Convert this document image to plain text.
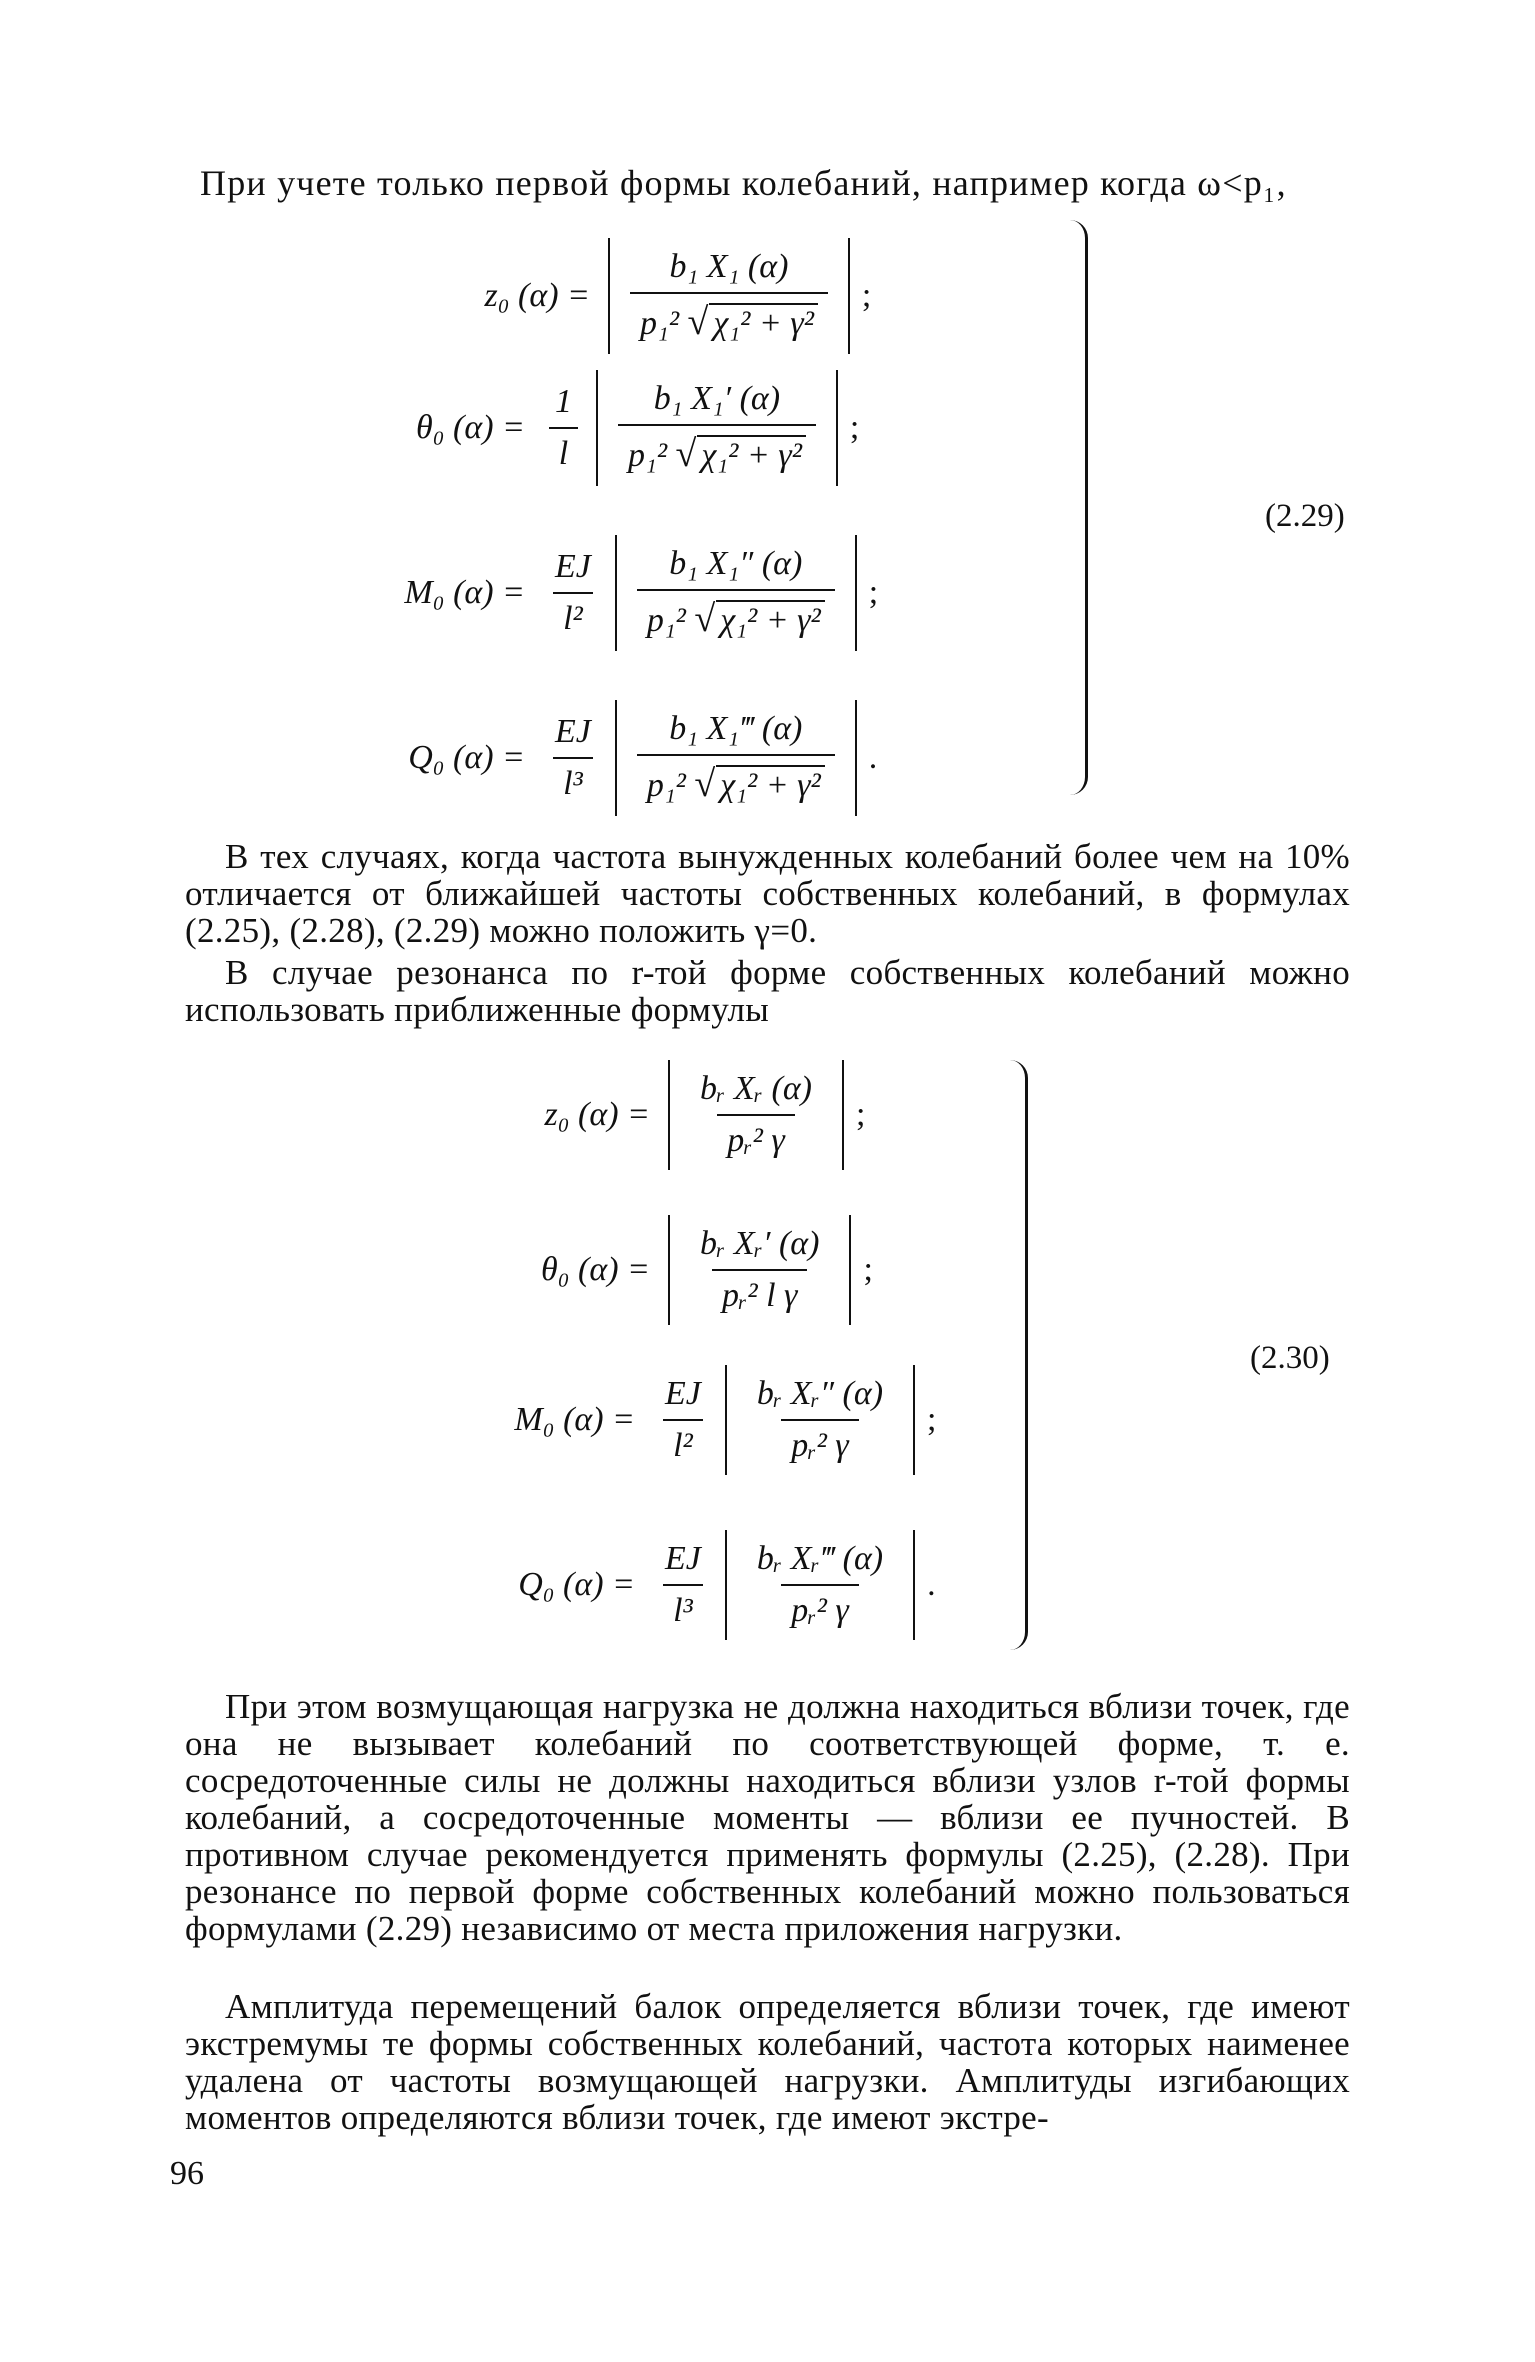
При учете только первой формы колебаний, например когда ω<p₁,

z₀ $(\alpha) = \frac{\text{b₁ X₁ (α)}}{\text{p₁² √ χ₁² + γ²}}$ ;
θ₀ $(\alpha) = \frac{1}{l} \frac{\text{b₁ X₁′ (α)}}{\text{p₁² √ χ₁² + γ²}}$ ;
M₀ $(\alpha) = \frac{EJ}{\text{l²}} \frac{\text{b₁ X₁″ (α)}}{\text{p₁² √ χ₁² + γ²}}$ ;
Q₀ $(\alpha) = \frac{EJ}{\text{l³}} \frac{\text{b₁ X₁‴ (α)}}{\text{p₁² √ χ₁² + γ²}}$ .
(2.29)

В тех случаях, когда частота вынужденных колебаний более чем на 10% отличается от ближайшей частоты собственных колебаний, в формулах (2.25), (2.28), (2.29) можно положить γ=0.

В случае резонанса по r-той форме собственных колебаний можно использовать приближенные формулы

z₀ $(\alpha) = \frac{\text{bᵣ Xᵣ (α)}}{\text{pᵣ² γ}}$ ;
θ₀ $(\alpha) = \frac{\text{bᵣ Xᵣ′ (α)}}{\text{pᵣ² l γ}}$ ;
M₀ $(\alpha) = \frac{EJ}{\text{l²}} \frac{\text{bᵣ Xᵣ″ (α)}}{\text{pᵣ² γ}}$ ;
Q₀ $(\alpha) = \frac{EJ}{\text{l³}} \frac{\text{bᵣ Xᵣ‴ (α)}}{\text{pᵣ² γ}}$ .
(2.30)

При этом возмущающая нагрузка не должна находиться вблизи точек, где она не вызывает колебаний по соответствующей форме, т. е. сосредоточенные силы не должны находиться вблизи узлов r-той формы колебаний, а сосредоточенные моменты — вблизи ее пучностей. В противном случае рекомендуется применять формулы (2.25), (2.28). При резонансе по первой форме собственных колебаний можно пользоваться формулами (2.29) независимо от места приложения нагрузки.

Амплитуда перемещений балок определяется вблизи точек, где имеют экстремумы те формы собственных колебаний, частота которых наименее удалена от частоты возмущающей нагрузки. Амплитуды изгибающих моментов определяются вблизи точек, где имеют экстре-

96
